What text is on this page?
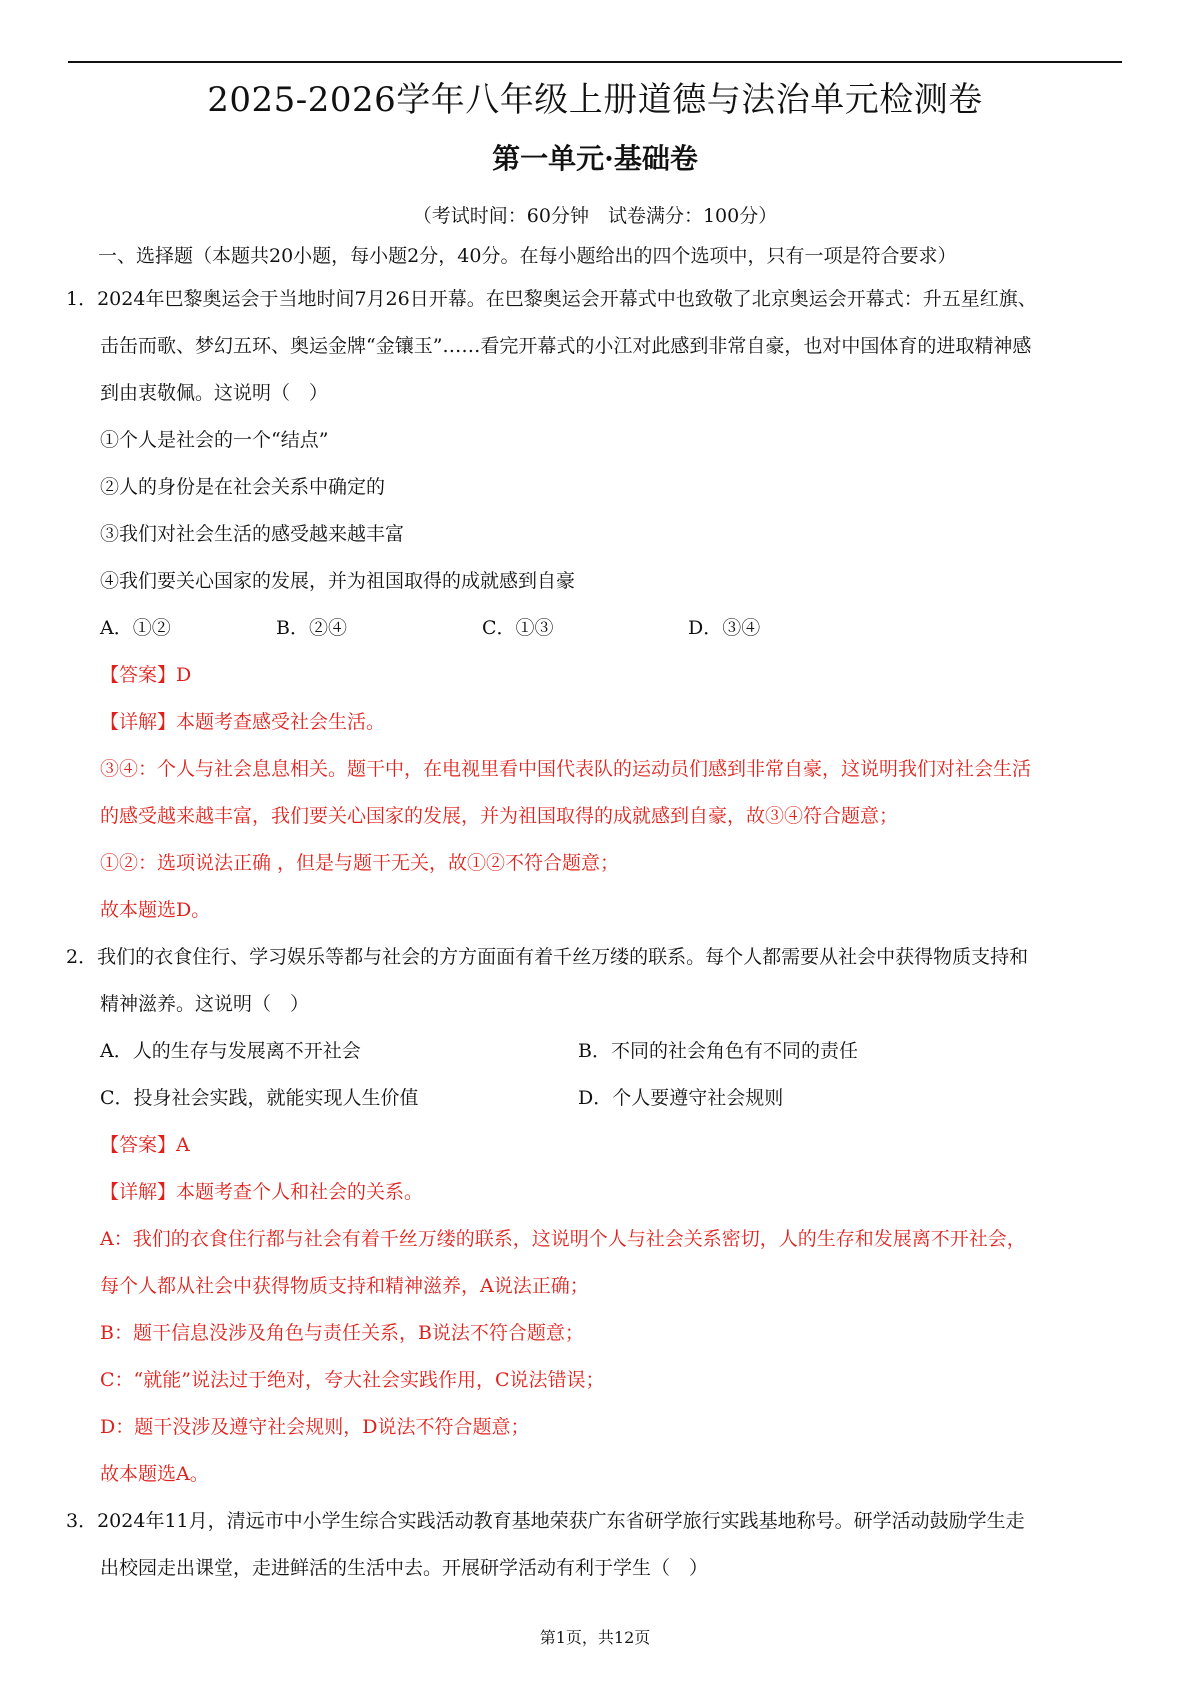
2025-2026学年八年级上册道德与法治单元检测卷
第一单元·基础卷
（考试时间：60分钟　试卷满分：100分）
一、选择题（本题共20小题，每小题2分，40分。在每小题给出的四个选项中，只有一项是符合要求）
1．2024年巴黎奥运会于当地时间7月26日开幕。在巴黎奥运会开幕式中也致敬了北京奥运会开幕式：升五星红旗、
击缶而歌、梦幻五环、奥运金牌“金镶玉”……看完开幕式的小江对此感到非常自豪，也对中国体育的进取精神感
到由衷敬佩。这说明（　）
①个人是社会的一个“结点”
②人的身份是在社会关系中确定的
③我们对社会生活的感受越来越丰富
④我们要关心国家的发展，并为祖国取得的成就感到自豪
A．①②	B．②④	C．①③	D．③④
【答案】D
【详解】本题考查感受社会生活。
③④：个人与社会息息相关。题干中，在电视里看中国代表队的运动员们感到非常自豪，这说明我们对社会生活
的感受越来越丰富，我们要关心国家的发展，并为祖国取得的成就感到自豪，故③④符合题意；
①②：选项说法正确 ，但是与题干无关，故①②不符合题意；
故本题选D。
2．我们的衣食住行、学习娱乐等都与社会的方方面面有着千丝万缕的联系。每个人都需要从社会中获得物质支持和
精神滋养。这说明（　）
A．人的生存与发展离不开社会	B．不同的社会角色有不同的责任
C．投身社会实践，就能实现人生价值	D．个人要遵守社会规则
【答案】A
【详解】本题考查个人和社会的关系。
A：我们的衣食住行都与社会有着千丝万缕的联系，这说明个人与社会关系密切，人的生存和发展离不开社会，
每个人都从社会中获得物质支持和精神滋养，A说法正确；
B：题干信息没涉及角色与责任关系，B说法不符合题意；
C：“就能”说法过于绝对，夸大社会实践作用，C说法错误；
D：题干没涉及遵守社会规则，D说法不符合题意；
故本题选A。
3．2024年11月，清远市中小学生综合实践活动教育基地荣获广东省研学旅行实践基地称号。研学活动鼓励学生走
出校园走出课堂，走进鲜活的生活中去。开展研学活动有利于学生（　）
第1页，共12页
